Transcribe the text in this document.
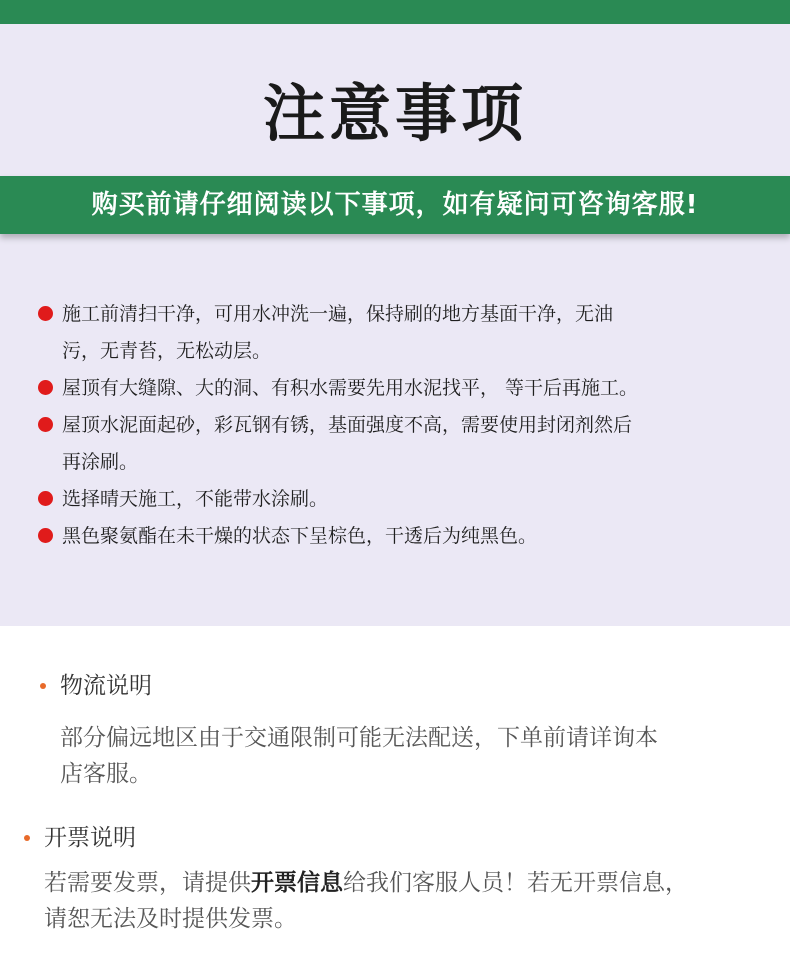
注意事项
购买前请仔细阅读以下事项，如有疑问可咨询客服!
施工前清扫干净，可用水冲洗一遍，保持刷的地方基面干净，无油
污，无青苔，无松动层。
屋顶有大缝隙、大的洞、有积水需要先用水泥找平， 等干后再施工。
屋顶水泥面起砂，彩瓦钢有锈，基面强度不高，需要使用封闭剂然后
再涂刷。
选择晴天施工，不能带水涂刷。
黑色聚氨酯在未干燥的状态下呈棕色，干透后为纯黑色。
物流说明
部分偏远地区由于交通限制可能无法配送，下单前请详询本
店客服。
开票说明
若需要发票，请提供开票信息给我们客服人员！若无开票信息，
请恕无法及时提供发票。
